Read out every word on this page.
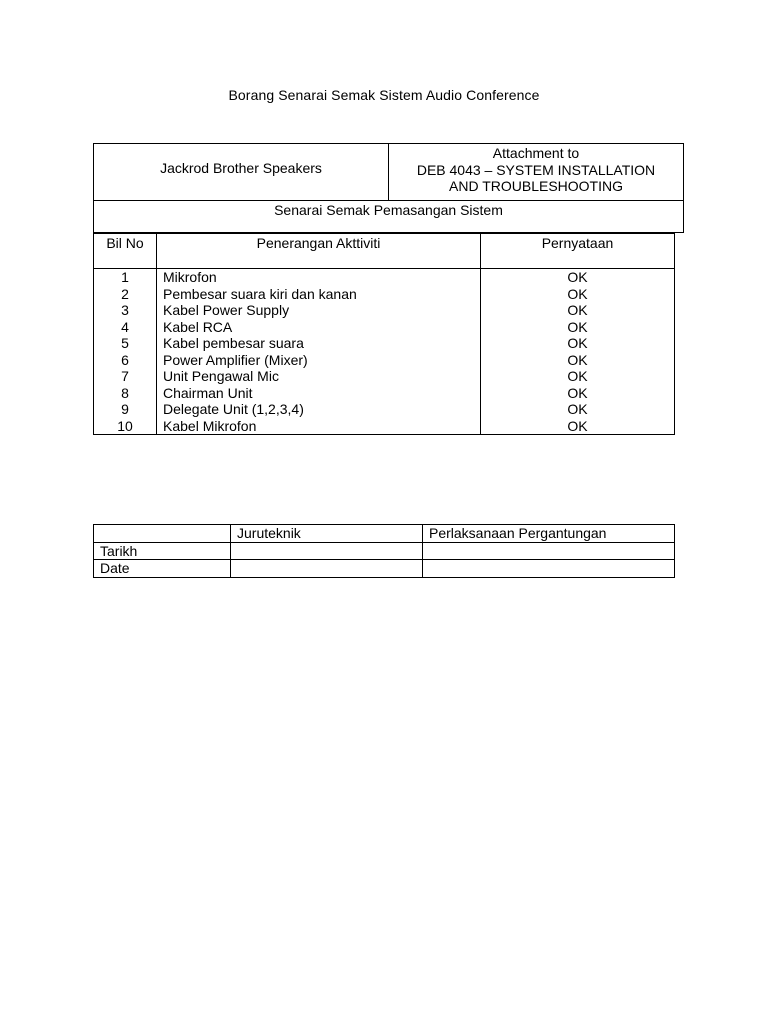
Borang Senarai Semak Sistem Audio Conference
Jackrod Brother Speakers
Attachment to
DEB 4043 – SYSTEM INSTALLATION
AND TROUBLESHOOTING
Senarai Semak Pemasangan Sistem
Bil No	Penerangan Akttiviti	Pernyataan
1	Mikrofon	OK
2	Pembesar suara kiri dan kanan	OK
3	Kabel Power Supply	OK
4	Kabel RCA	OK
5	Kabel pembesar suara	OK
6	Power Amplifier (Mixer)	OK
7	Unit Pengawal Mic	OK
8	Chairman Unit	OK
9	Delegate Unit (1,2,3,4)	OK
10	Kabel Mikrofon	OK
	Juruteknik	Perlaksanaan Pergantungan
Tarikh		
Date		
